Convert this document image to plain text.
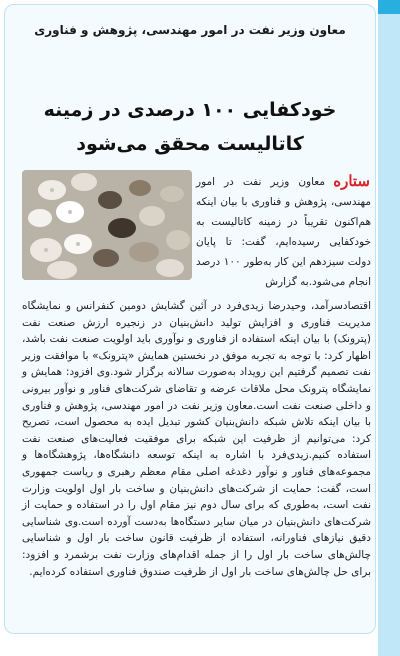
معاون وزیر نفت در امور مهندسی، پژوهش و فناوری
خودکفایی ۱۰۰ درصدی در زمینه کاتالیست محقق می‌شود
ستاره
معاون وزیر نفت در امور مهندسی، پژوهش و فناوری با بیان اینکه هم‌اکنون تقریباً در زمینه کاتالیست به خودکفایی رسیده‌ایم، گفت: تا پایان دولت سیزدهم این کار به‌طور ۱۰۰ درصد انجام می‌شود.به گزارش
اقتصادسرآمد، وحیدرضا زیدی‌فرد در آئین گشایش دومین کنفرانس و نمایشگاه مدیریت فناوری و افزایش تولید دانش‌بنیان در زنجیره ارزش صنعت نفت (پترونک) با بیان اینکه استفاده از فناوری و نوآوری باید اولویت صنعت نفت باشد، اظهار کرد: با توجه به تجربه موفق در نخستین همایش «پترونک» با موافقت وزیر نفت تصمیم گرفتیم این رویداد به‌صورت سالانه برگزار شود.وی افزود: همایش و نمایشگاه پترونک محل ملاقات عرضه و تقاضای شرکت‌های فناور و نوآور بیرونی و داخلی صنعت نفت است.معاون وزیر نفت در امور مهندسی، پژوهش و فناوری با بیان اینکه تلاش شبکه دانش‌بنیان کشور تبدیل ایده به محصول است، تصریح کرد: می‌توانیم از ظرفیت این شبکه برای موفقیت فعالیت‌های صنعت نفت استفاده کنیم.زیدی‌فرد با اشاره به اینکه توسعه دانشگاه‌ها، پژوهشگاه‌ها و مجموعه‌های فناور و نوآور دغدغه اصلی مقام معظم رهبری و ریاست جمهوری است، گفت: حمایت از شرکت‌های دانش‌بنیان و ساخت بار اول اولویت وزارت نفت است، به‌طوری که برای سال دوم نیز مقام اول را در استفاده و حمایت از شرکت‌های دانش‌بنیان در میان سایر دستگاه‌ها به‌دست آورده است.وی شناسایی دقیق نیازهای فناورانه، استفاده از ظرفیت قانون ساخت بار اول و شناسایی چالش‌های ساخت بار اول را از جمله اقدام‌های وزارت نفت برشمرد و افزود: برای حل چالش‌های ساخت بار اول از ظرفیت صندوق فناوری استفاده کرده‌ایم.
